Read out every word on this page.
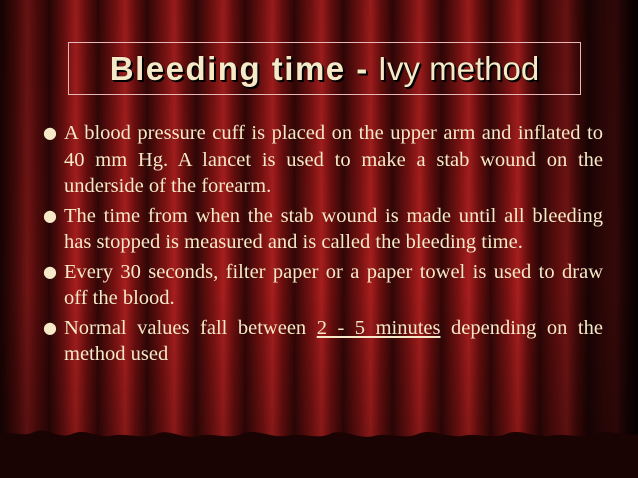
Bleeding time - Ivy method
● A blood pressure cuff is placed on the upper arm and inflated to 40 mm Hg. A lancet is used to make a stab wound on the underside of the forearm.
● The time from when the stab wound is made until all bleeding has stopped is measured and is called the bleeding time.
● Every 30 seconds, filter paper or a paper towel is used to draw off the blood.
● Normal values fall between 2 - 5 minutes depending on the method used
